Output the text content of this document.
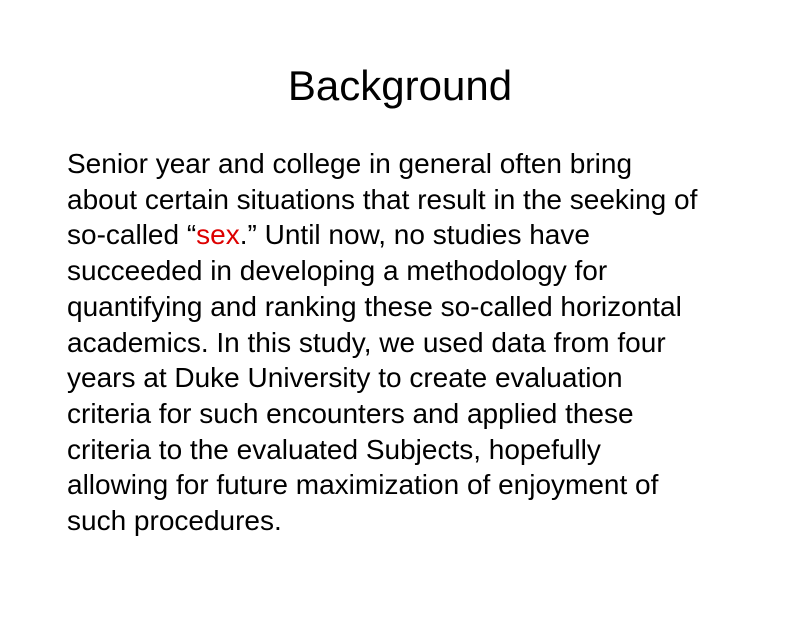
Background

Senior year and college in general often bring
about certain situations that result in the seeking of
so-called “sex.” Until now, no studies have
succeeded in developing a methodology for
quantifying and ranking these so-called horizontal
academics. In this study, we used data from four
years at Duke University to create evaluation
criteria for such encounters and applied these
criteria to the evaluated Subjects, hopefully
allowing for future maximization of enjoyment of
such procedures.
